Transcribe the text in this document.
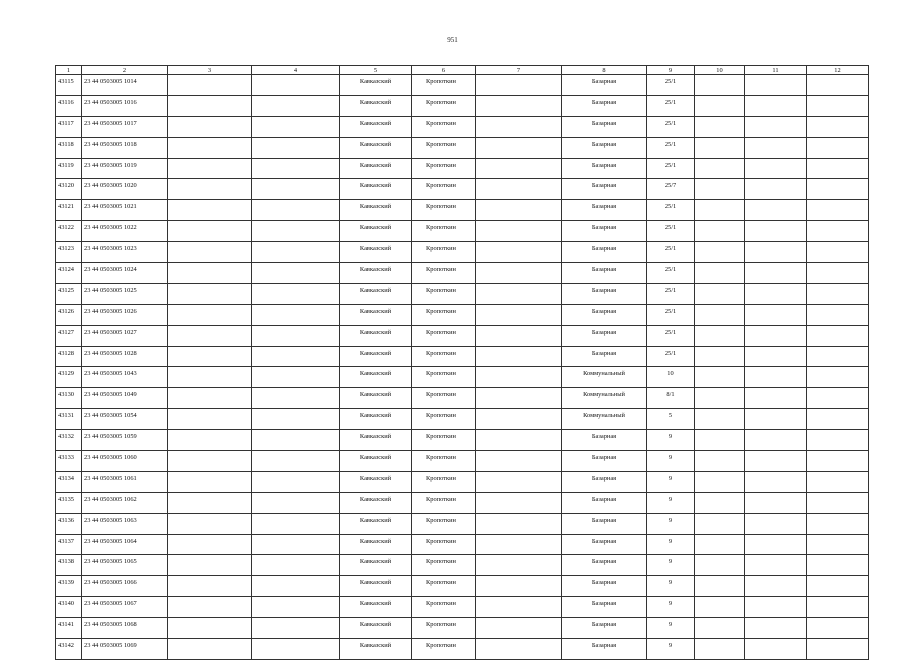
951
1	2	3	4	5	6	7	8	9	10	11	12
43115	23 44 0503005 1014			Кавказский	Кропоткин		Базарная	25/1			
43116	23 44 0503005 1016			Кавказский	Кропоткин		Базарная	25/1			
43117	23 44 0503005 1017			Кавказский	Кропоткин		Базарная	25/1			
43118	23 44 0503005 1018			Кавказский	Кропоткин		Базарная	25/1			
43119	23 44 0503005 1019			Кавказский	Кропоткин		Базарная	25/1			
43120	23 44 0503005 1020			Кавказский	Кропоткин		Базарная	25/7			
43121	23 44 0503005 1021			Кавказский	Кропоткин		Базарная	25/1			
43122	23 44 0503005 1022			Кавказский	Кропоткин		Базарная	25/1			
43123	23 44 0503005 1023			Кавказский	Кропоткин		Базарная	25/1			
43124	23 44 0503005 1024			Кавказский	Кропоткин		Базарная	25/1			
43125	23 44 0503005 1025			Кавказский	Кропоткин		Базарная	25/1			
43126	23 44 0503005 1026			Кавказский	Кропоткин		Базарная	25/1			
43127	23 44 0503005 1027			Кавказский	Кропоткин		Базарная	25/1			
43128	23 44 0503005 1028			Кавказский	Кропоткин		Базарная	25/1			
43129	23 44 0503005 1043			Кавказский	Кропоткин		Коммунальный	10			
43130	23 44 0503005 1049			Кавказский	Кропоткин		Коммунальный	8/1			
43131	23 44 0503005 1054			Кавказский	Кропоткин		Коммунальный	5			
43132	23 44 0503005 1059			Кавказский	Кропоткин		Базарная	9			
43133	23 44 0503005 1060			Кавказский	Кропоткин		Базарная	9			
43134	23 44 0503005 1061			Кавказский	Кропоткин		Базарная	9			
43135	23 44 0503005 1062			Кавказский	Кропоткин		Базарная	9			
43136	23 44 0503005 1063			Кавказский	Кропоткин		Базарная	9			
43137	23 44 0503005 1064			Кавказский	Кропоткин		Базарная	9			
43138	23 44 0503005 1065			Кавказский	Кропоткин		Базарная	9			
43139	23 44 0503005 1066			Кавказский	Кропоткин		Базарная	9			
43140	23 44 0503005 1067			Кавказский	Кропоткин		Базарная	9			
43141	23 44 0503005 1068			Кавказский	Кропоткин		Базарная	9			
43142	23 44 0503005 1069			Кавказский	Кропоткин		Базарная	9			
